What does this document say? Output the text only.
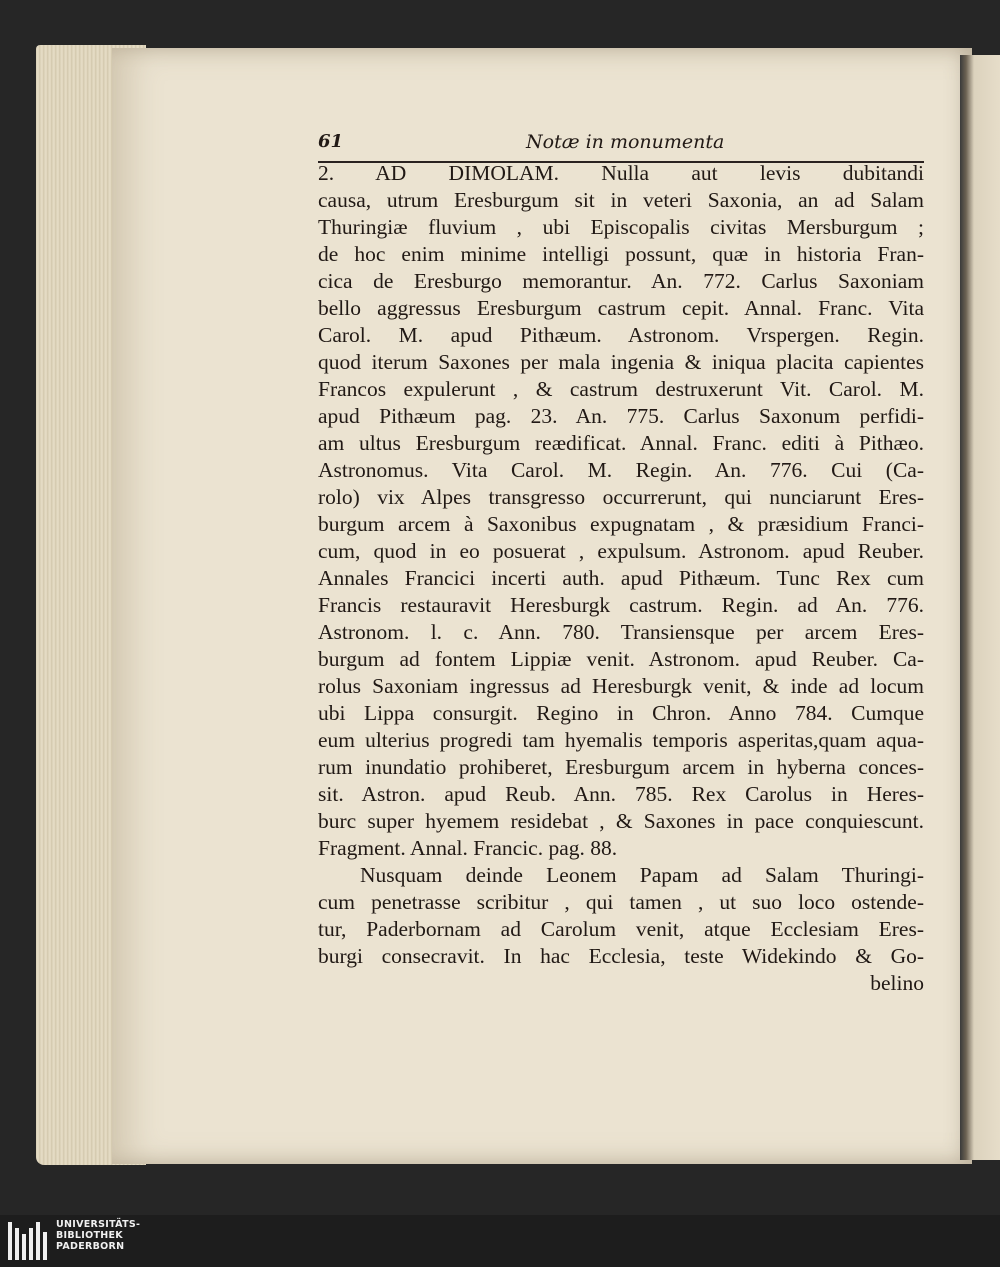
61	Notæ in monumenta
2. AD DIMOLAM. Nulla aut levis dubitandi
causa, utrum Eresburgum sit in veteri Saxonia, an ad Salam
Thuringiæ fluvium , ubi Episcopalis civitas Mersburgum ;
de hoc enim minime intelligi possunt, quæ in historia Fran-
cica de Eresburgo memorantur. An. 772. Carlus Saxoniam
bello aggressus Eresburgum castrum cepit. Annal. Franc. Vita
Carol. M. apud Pithæum. Astronom. Vrspergen. Regin.
quod iterum Saxones per mala ingenia & iniqua placita capientes
Francos expulerunt , & castrum destruxerunt Vit. Carol. M.
apud Pithæum pag. 23. An. 775. Carlus Saxonum perfidi-
am ultus Eresburgum reædificat. Annal. Franc. editi à Pithæo.
Astronomus. Vita Carol. M. Regin. An. 776. Cui (Ca-
rolo) vix Alpes transgresso occurrerunt, qui nunciarunt Eres-
burgum arcem à Saxonibus expugnatam , & præsidium Franci-
cum, quod in eo posuerat , expulsum. Astronom. apud Reuber.
Annales Francici incerti auth. apud Pithæum. Tunc Rex cum
Francis restauravit Heresburgk castrum. Regin. ad An. 776.
Astronom. l. c. Ann. 780. Transiensque per arcem Eres-
burgum ad fontem Lippiæ venit. Astronom. apud Reuber. Ca-
rolus Saxoniam ingressus ad Heresburgk venit, & inde ad locum
ubi Lippa consurgit. Regino in Chron. Anno 784. Cumque
eum ulterius progredi tam hyemalis temporis asperitas,quam aqua-
rum inundatio prohiberet, Eresburgum arcem in hyberna conces-
sit. Astron. apud Reub. Ann. 785. Rex Carolus in Heres-
burc super hyemem residebat , & Saxones in pace conquiescunt.
Fragment. Annal. Francic. pag. 88.
Nusquam deinde Leonem Papam ad Salam Thuringi-
cum penetrasse scribitur , qui tamen , ut suo loco ostende-
tur, Paderbornam ad Carolum venit, atque Ecclesiam Eres-
burgi consecravit. In hac Ecclesia, teste Widekindo & Go-
belino
UNIVERSITÄTS-
BIBLIOTHEK
PADERBORN
